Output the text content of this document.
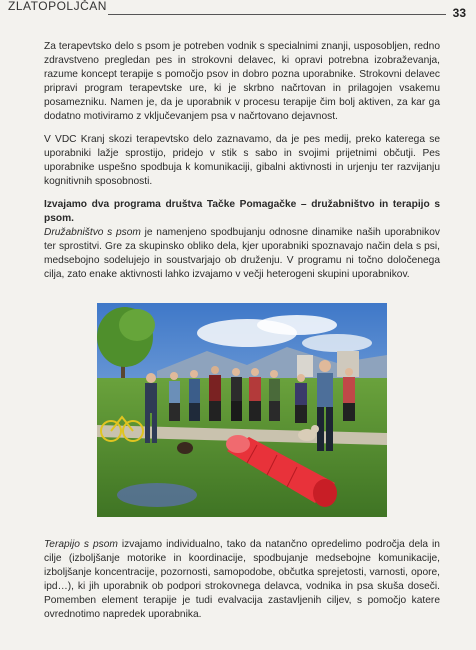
ZLATOPOLJČAN	33

Za terapevtsko delo s psom je potreben vodnik s specialnimi znanji, usposobljen, redno zdravstveno pregledan pes in strokovni delavec, ki opravi potrebna izobraževanja, razume koncept terapije s pomočjo psov in dobro pozna uporabnike. Strokovni delavec pripravi program terapevtske ure, ki je skrbno načrtovan in prilagojen vsakemu posamezniku. Namen je, da je uporabnik v procesu terapije čim bolj aktiven, za kar ga dodatno motiviramo z vključevanjem psa v načrtovano dejavnost.

V VDC Kranj skozi terapevtsko delo zaznavamo, da je pes medij, preko katerega se uporabniki lažje sprostijo, pridejo v stik s sabo in svojimi prijetnimi občutji. Pes uporabnike uspešno spodbuja k komunikaciji, gibalni aktivnosti in urjenju ter razvijanju kognitivnih sposobnosti.

Izvajamo dva programa društva Tačke Pomagačke – družabništvo in terapijo s psom.
Družabništvo s psom je namenjeno spodbujanju odnosne dinamike naših uporabnikov ter sprostitvi. Gre za skupinsko obliko dela, kjer uporabniki spoznavajo način dela s psi, medsebojno sodelujejo in soustvarjajo ob druženju. V programu ni točno določenega cilja, zato enake aktivnosti lahko izvajamo v večji heterogeni skupini uporabnikov.

Terapijo s psom izvajamo individualno, tako da natančno opredelimo področja dela in cilje (izboljšanje motorike in koordinacije, spodbujanje medsebojne komunikacije, izboljšanje koncentracije, pozornosti, samopodobe, občutka sprejetosti, varnosti, opore, ipd…), ki jih uporabnik ob podpori strokovnega delavca, vodnika in psa skuša doseči. Pomemben element terapije je tudi evalvacija zastavljenih ciljev, s pomočjo katere ovrednotimo napredek uporabnika.
